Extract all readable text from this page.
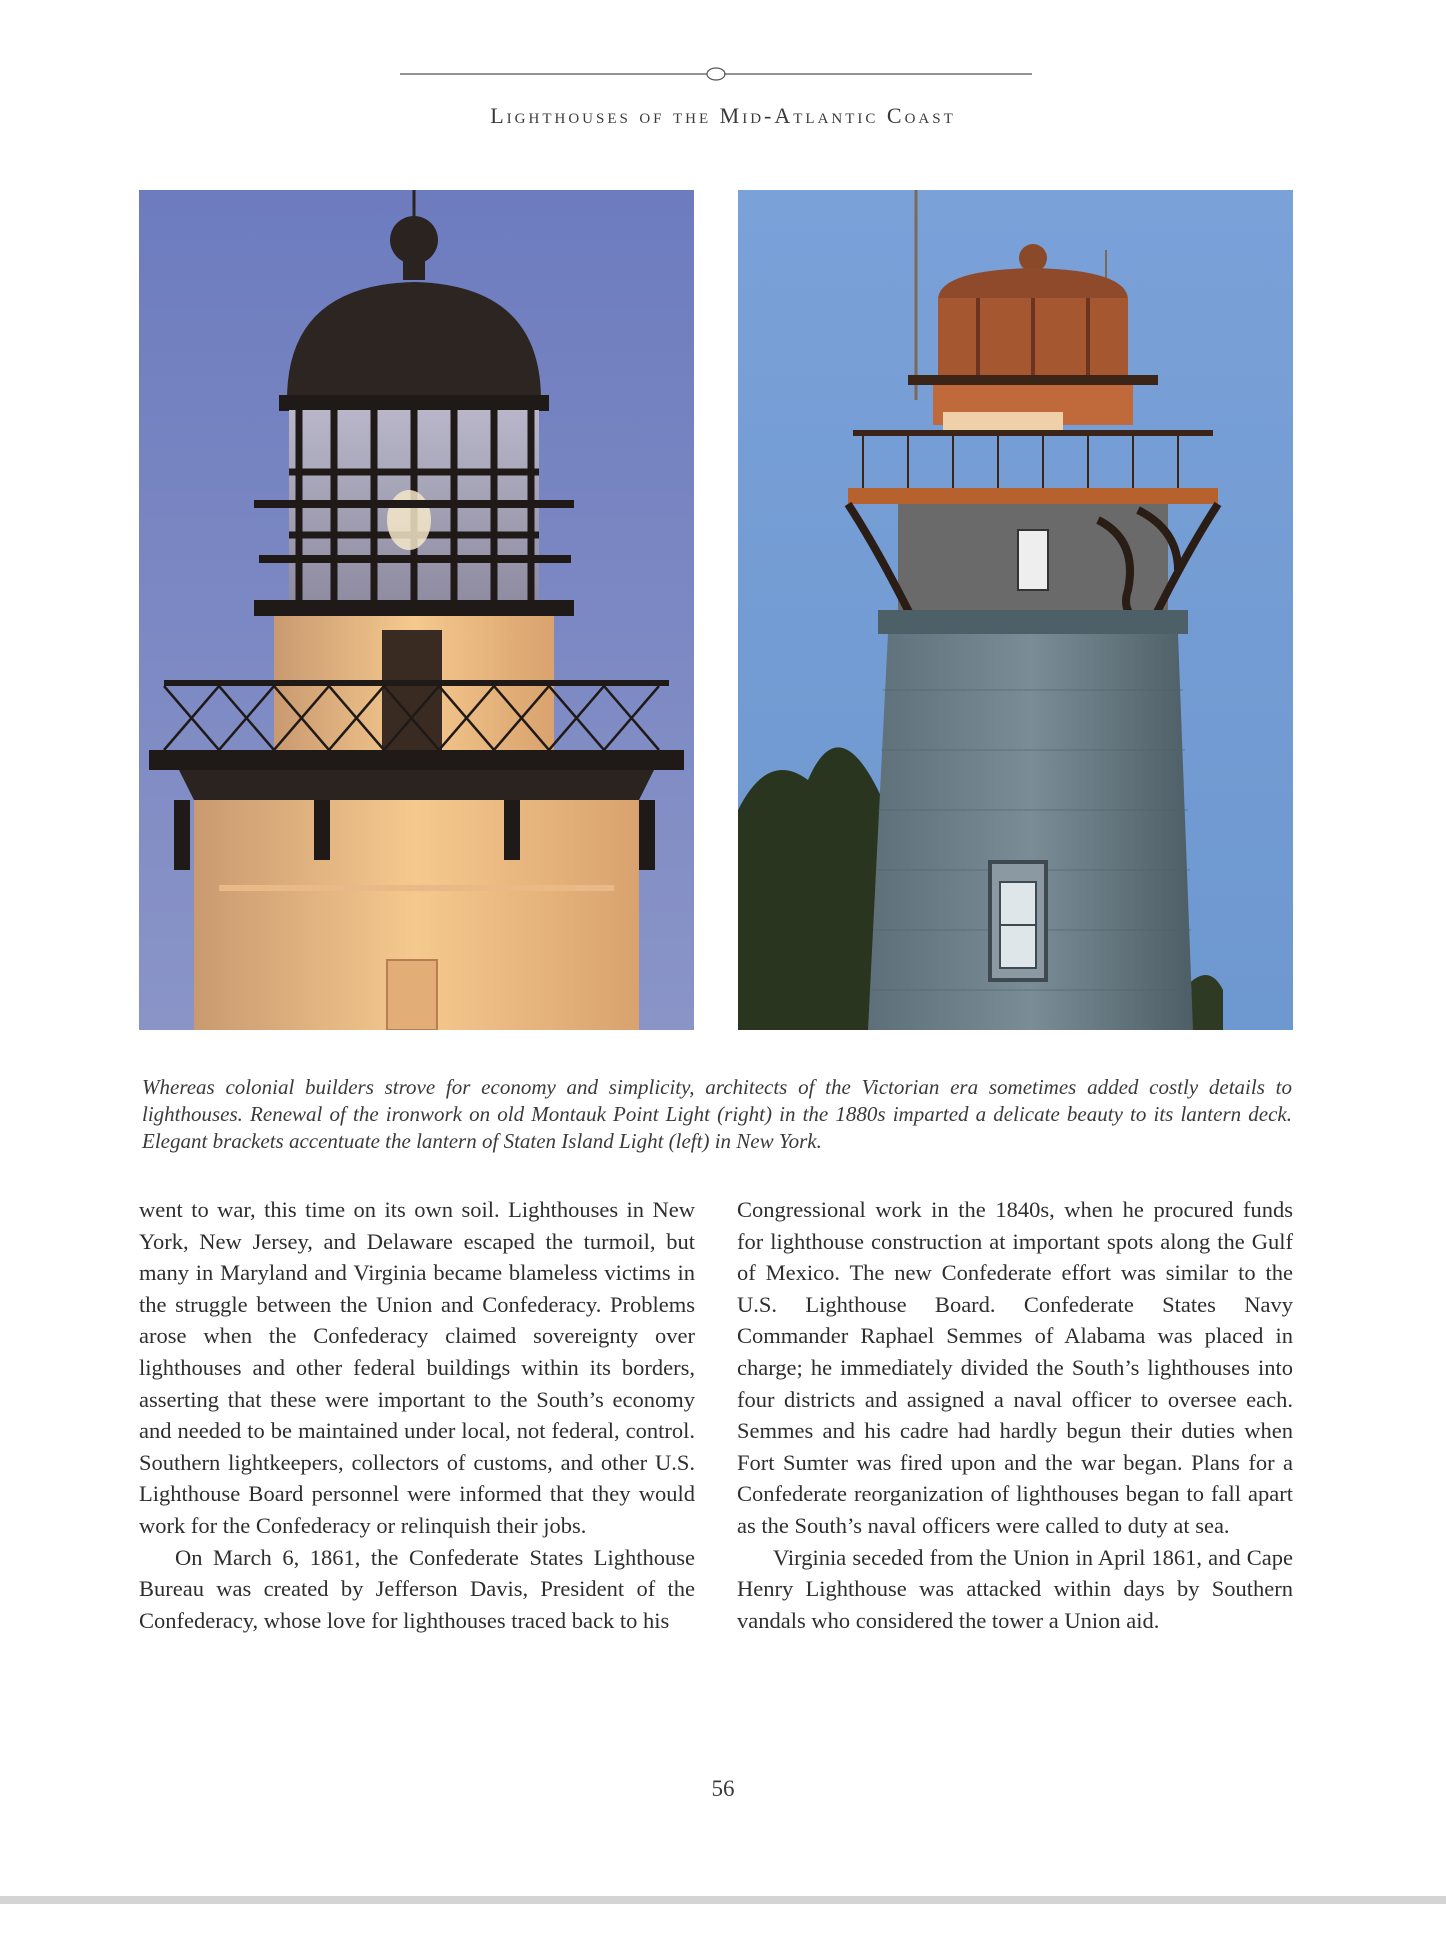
Lighthouses of the Mid-Atlantic Coast

Whereas colonial builders strove for economy and simplicity, architects of the Victorian era sometimes added costly details to lighthouses. Renewal of the ironwork on old Montauk Point Light (right) in the 1880s imparted a delicate beauty to its lantern deck. Elegant brackets accentuate the lantern of Staten Island Light (left) in New York.

went to war, this time on its own soil. Lighthouses in New York, New Jersey, and Delaware escaped the turmoil, but many in Maryland and Virginia became blameless victims in the struggle between the Union and Confederacy. Problems arose when the Confederacy claimed sovereignty over lighthouses and other federal buildings within its borders, asserting that these were important to the South’s economy and needed to be maintained under local, not federal, control. Southern lightkeepers, collectors of customs, and other U.S. Lighthouse Board personnel were informed that they would work for the Confederacy or relinquish their jobs.

On March 6, 1861, the Confederate States Lighthouse Bureau was created by Jefferson Davis, President of the Confederacy, whose love for lighthouses traced back to his

Congressional work in the 1840s, when he procured funds for lighthouse construction at important spots along the Gulf of Mexico. The new Confederate effort was similar to the U.S. Lighthouse Board. Confederate States Navy Commander Raphael Semmes of Alabama was placed in charge; he immediately divided the South’s lighthouses into four districts and assigned a naval officer to oversee each. Semmes and his cadre had hardly begun their duties when Fort Sumter was fired upon and the war began. Plans for a Confederate reorganization of lighthouses began to fall apart as the South’s naval officers were called to duty at sea.

Virginia seceded from the Union in April 1861, and Cape Henry Lighthouse was attacked within days by Southern vandals who considered the tower a Union aid.

56
